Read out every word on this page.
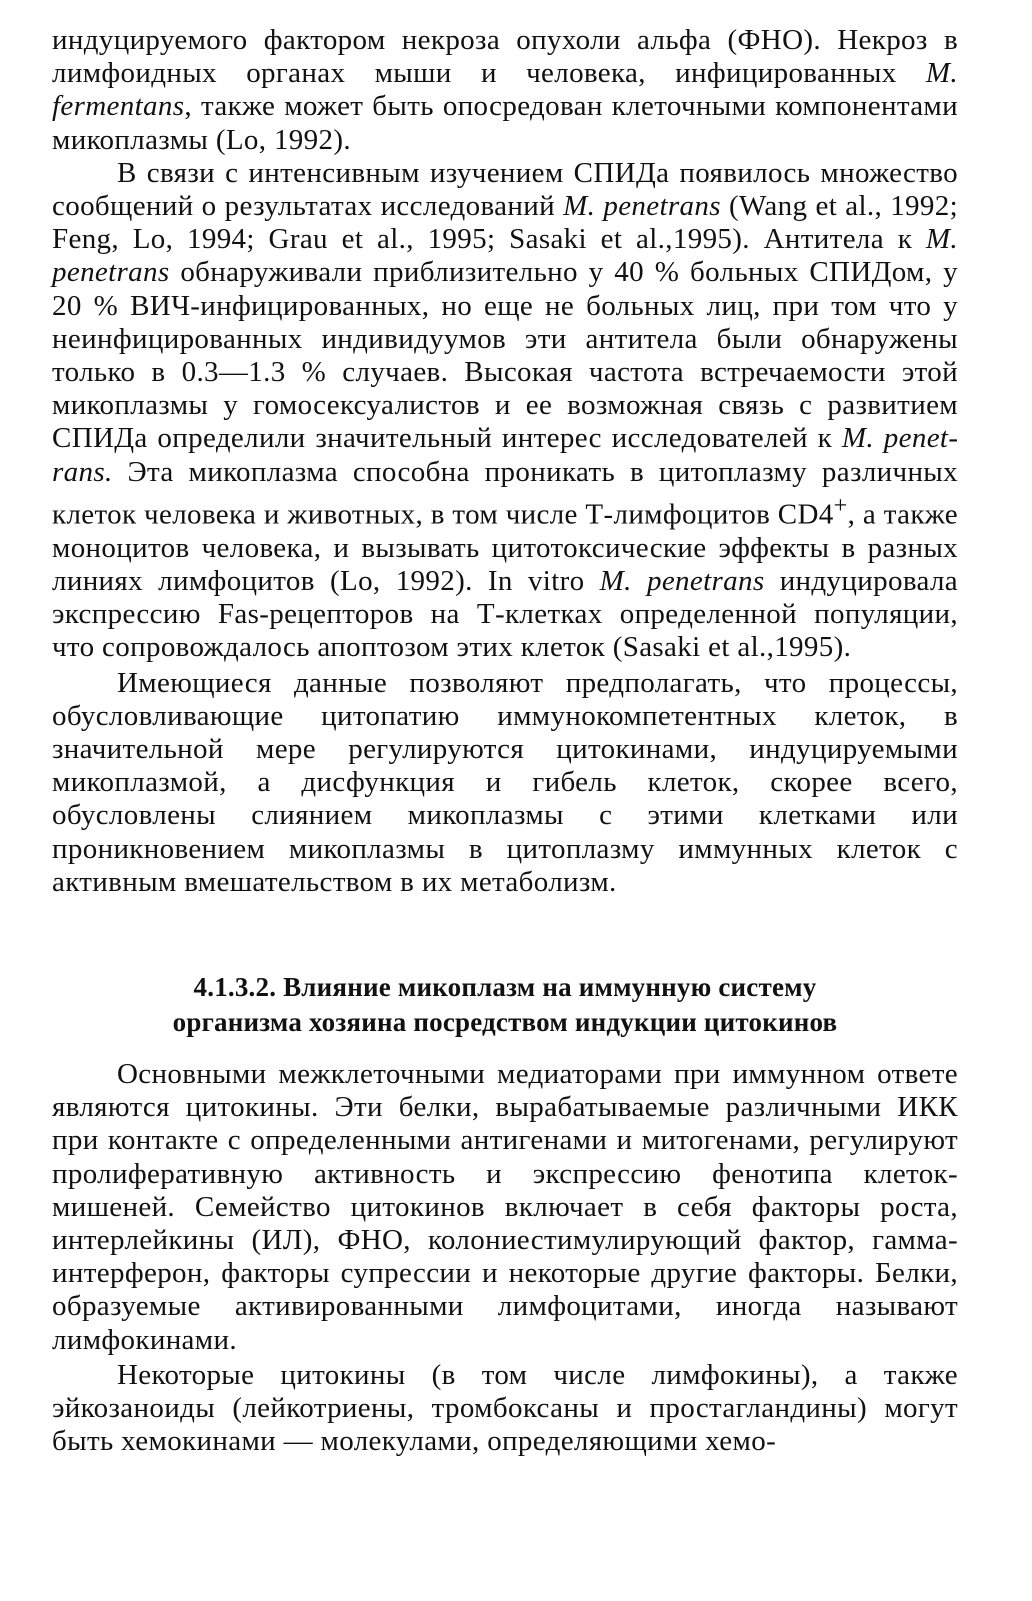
индуцируемого фактором некроза опухоли альфа (ФНО). Некроз в лимфоидных органах мыши и человека, инфицированных M. fermentans, также может быть опосредован клеточными компонентами микоплазмы (Lo, 1992).

В связи с интенсивным изучением СПИДа появилось множество сообщений о результатах исследований M. penetrans (Wang et al., 1992; Feng, Lo, 1994; Grau et al., 1995; Sasaki et al.,1995). Антитела к M. penetrans обнаруживали приблизительно у 40 % больных СПИДом, у 20 % ВИЧ-инфицированных, но еще не больных лиц, при том что у неинфицированных индивидуумов эти антитела были обнаружены только в 0.3—1.3 % случаев. Высокая частота встречаемости этой микоплазмы у гомосексуалистов и ее возможная связь с развитием СПИДа определили значительный интерес исследователей к M. penetrans. Эта микоплазма способна проникать в цитоплазму различных клеток человека и животных, в том числе Т-лимфоцитов CD4+, а также моноцитов человека, и вызывать цитотоксические эффекты в разных линиях лимфоцитов (Lo, 1992). In vitro M. penetrans индуцировала экспрессию Fas-рецепторов на Т-клетках определенной популяции, что сопровождалось апоптозом этих клеток (Sasaki et al.,1995).

Имеющиеся данные позволяют предполагать, что процессы, обусловливающие цитопатию иммунокомпетентных клеток, в значительной мере регулируются цитокинами, индуцируемыми микоплазмой, а дисфункция и гибель клеток, скорее всего, обусловлены слиянием микоплазмы с этими клетками или проникновением микоплазмы в цитоплазму иммунных клеток с активным вмешательством в их метаболизм.

4.1.3.2. Влияние микоплазм на иммунную систему
организма хозяина посредством индукции цитокинов

Основными межклеточными медиаторами при иммунном ответе являются цитокины. Эти белки, вырабатываемые различными ИКК при контакте с определенными антигенами и митогенами, регулируют пролиферативную активность и экспрессию фенотипа клеток-мишеней. Семейство цитокинов включает в себя факторы роста, интерлейкины (ИЛ), ФНО, колониестимулирующий фактор, гамма-интерферон, факторы супрессии и некоторые другие факторы. Белки, образуемые активированными лимфоцитами, иногда называют лимфокинами.

Некоторые цитокины (в том числе лимфокины), а также эйкозаноиды (лейкотриены, тромбоксаны и простагландины) могут быть хемокинами — молекулами, определяющими хемо-
